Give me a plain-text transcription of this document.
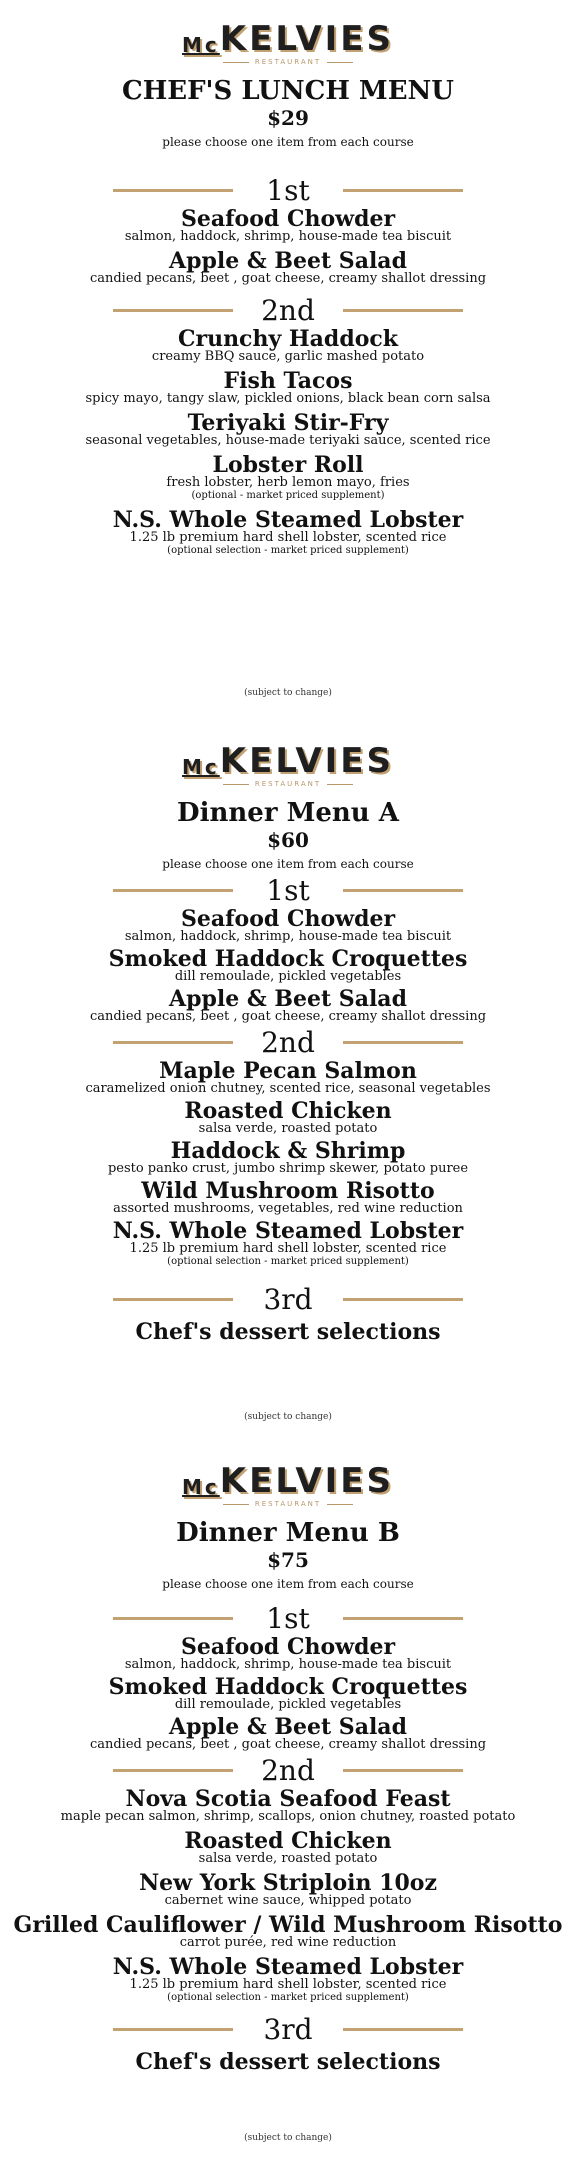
$^{Mc}$KELVIES
RESTAURANT
CHEF'S LUNCH MENU
$29
please choose one item from each course
1st
Seafood Chowder
salmon, haddock, shrimp, house-made tea biscuit
Apple & Beet Salad
candied pecans, beet , goat cheese, creamy shallot dressing
2nd
Crunchy Haddock
creamy BBQ sauce, garlic mashed potato
Fish Tacos
spicy mayo, tangy slaw, pickled onions, black bean corn salsa
Teriyaki Stir-Fry
seasonal vegetables, house-made teriyaki sauce, scented rice
Lobster Roll
fresh lobster, herb lemon mayo, fries
(optional - market priced supplement)
N.S. Whole Steamed Lobster
1.25 lb premium hard shell lobster, scented rice
(optional selection - market priced supplement)
(subject to change)
$^{Mc}$KELVIES
RESTAURANT
Dinner Menu A
$60
please choose one item from each course
1st
Seafood Chowder
salmon, haddock, shrimp, house-made tea biscuit
Smoked Haddock Croquettes
dill remoulade, pickled vegetables
Apple & Beet Salad
candied pecans, beet , goat cheese, creamy shallot dressing
2nd
Maple Pecan Salmon
caramelized onion chutney, scented rice, seasonal vegetables
Roasted Chicken
salsa verde, roasted potato
Haddock & Shrimp
pesto panko crust, jumbo shrimp skewer, potato puree
Wild Mushroom Risotto
assorted mushrooms, vegetables, red wine reduction
N.S. Whole Steamed Lobster
1.25 lb premium hard shell lobster, scented rice
(optional selection - market priced supplement)
3rd
Chef's dessert selections
(subject to change)
$^{Mc}$KELVIES
RESTAURANT
Dinner Menu B
$75
please choose one item from each course
1st
Seafood Chowder
salmon, haddock, shrimp, house-made tea biscuit
Smoked Haddock Croquettes
dill remoulade, pickled vegetables
Apple & Beet Salad
candied pecans, beet , goat cheese, creamy shallot dressing
2nd
Nova Scotia Seafood Feast
maple pecan salmon, shrimp, scallops, onion chutney, roasted potato
Roasted Chicken
salsa verde, roasted potato
New York Striploin 10oz
cabernet wine sauce, whipped potato
Grilled Cauliflower / Wild Mushroom Risotto
carrot purée, red wine reduction
N.S. Whole Steamed Lobster
1.25 lb premium hard shell lobster, scented rice
(optional selection - market priced supplement)
3rd
Chef's dessert selections
(subject to change)
